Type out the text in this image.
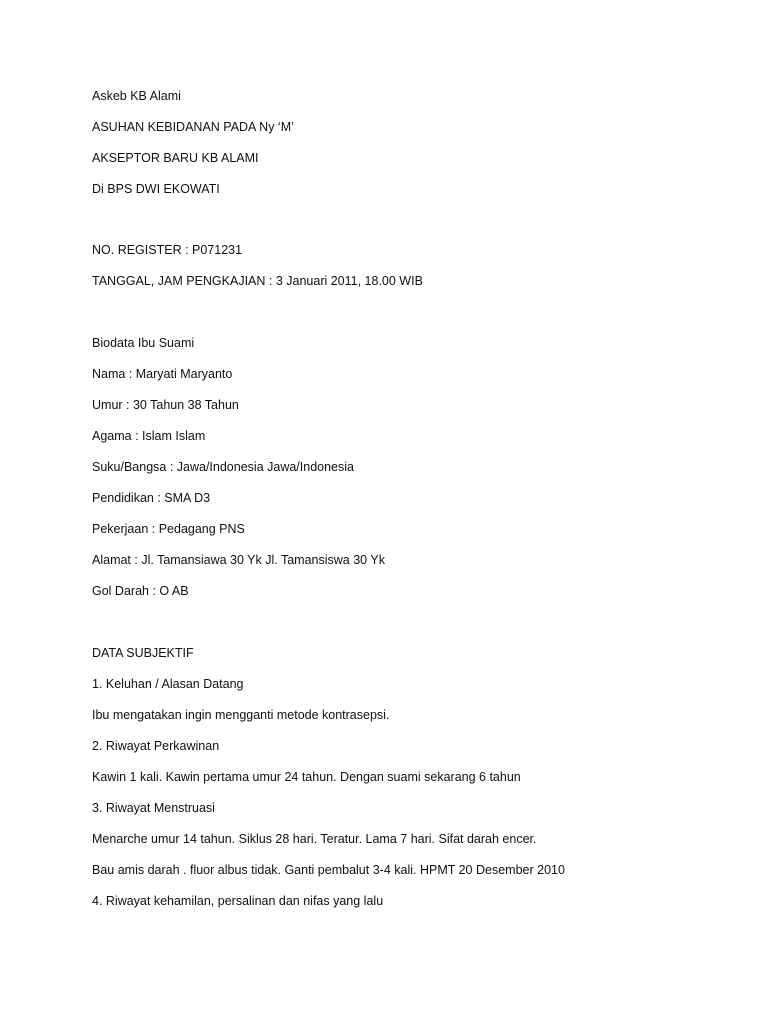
Askeb KB Alami
ASUHAN KEBIDANAN PADA Ny ‘M’
AKSEPTOR BARU KB ALAMI
Di BPS DWI EKOWATI
NO. REGISTER : P071231
TANGGAL, JAM PENGKAJIAN : 3 Januari 2011, 18.00 WIB
Biodata Ibu Suami
Nama : Maryati Maryanto
Umur : 30 Tahun 38 Tahun
Agama : Islam Islam
Suku/Bangsa : Jawa/Indonesia Jawa/Indonesia
Pendidikan : SMA D3
Pekerjaan : Pedagang PNS
Alamat : Jl. Tamansiawa 30 Yk Jl. Tamansiswa 30 Yk
Gol Darah : O AB
DATA SUBJEKTIF
1. Keluhan / Alasan Datang
Ibu mengatakan ingin mengganti metode kontrasepsi.
2. Riwayat Perkawinan
Kawin 1 kali. Kawin pertama umur 24 tahun. Dengan suami sekarang 6 tahun
3. Riwayat Menstruasi
Menarche umur 14 tahun. Siklus 28 hari. Teratur. Lama 7 hari. Sifat darah encer.
Bau amis darah . fluor albus tidak. Ganti pembalut 3-4 kali. HPMT 20 Desember 2010
4. Riwayat kehamilan, persalinan dan nifas yang lalu
